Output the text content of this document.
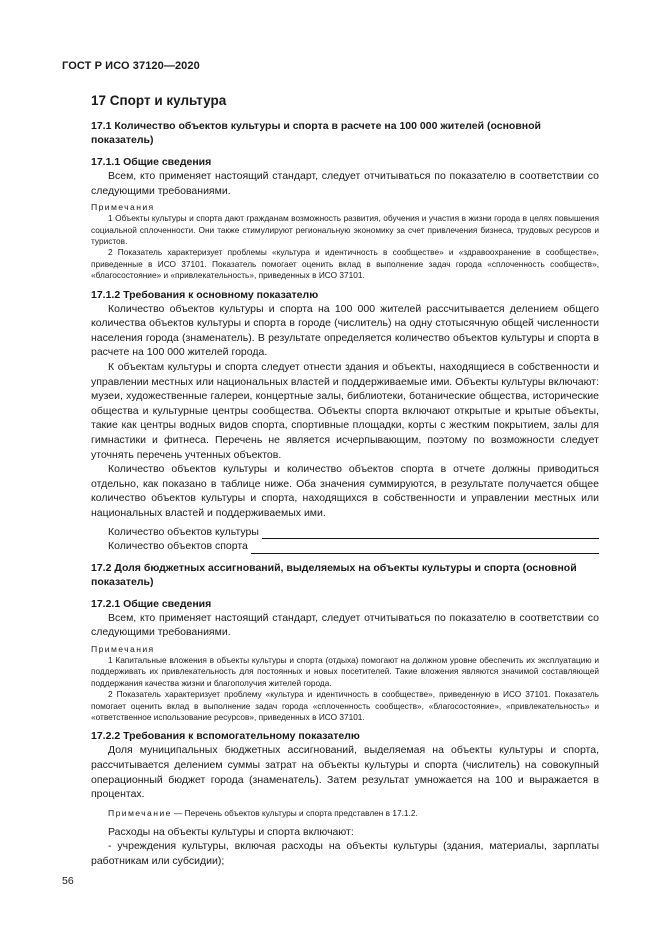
ГОСТ Р ИСО 37120—2020
17 Спорт и культура
17.1 Количество объектов культуры и спорта в расчете на 100 000 жителей (основной показатель)
17.1.1 Общие сведения

Всем, кто применяет настоящий стандарт, следует отчитываться по показателю в соответствии со следующими требованиями.

Примечания

1 Объекты культуры и спорта дают гражданам возможность развития, обучения и участия в жизни города в целях повышения социальной сплоченности. Они также стимулируют региональную экономику за счет привлечения бизнеса, трудовых ресурсов и туристов.

2 Показатель характеризует проблемы «культура и идентичность в сообществе» и «здравоохранение в сообществе», приведенные в ИСО 37101. Показатель помогает оценить вклад в выполнение задач города «сплоченность сообществ», «благосостояние» и «привлекательность», приведенных в ИСО 37101.

17.1.2 Требования к основному показателю

Количество объектов культуры и спорта на 100 000 жителей рассчитывается делением общего количества объектов культуры и спорта в городе (числитель) на одну стотысячную общей численности населения города (знаменатель). В результате определяется количество объектов культуры и спорта в расчете на 100 000 жителей города.

К объектам культуры и спорта следует отнести здания и объекты, находящиеся в собственности и управлении местных или национальных властей и поддерживаемые ими. Объекты культуры включают: музеи, художественные галереи, концертные залы, библиотеки, ботанические общества, исторические общества и культурные центры сообщества. Объекты спорта включают открытые и крытые объекты, такие как центры водных видов спорта, спортивные площадки, корты с жестким покрытием, залы для гимнастики и фитнеса. Перечень не является исчерпывающим, поэтому по возможности следует уточнять перечень учтенных объектов.

Количество объектов культуры и количество объектов спорта в отчете должны приводиться отдельно, как показано в таблице ниже. Оба значения суммируются, в результате получается общее количество объектов культуры и спорта, находящихся в собственности и управлении местных или национальных властей и поддерживаемых ими.

Количество объектов культуры
Количество объектов спорта
17.2 Доля бюджетных ассигнований, выделяемых на объекты культуры и спорта (основной показатель)
17.2.1 Общие сведения

Всем, кто применяет настоящий стандарт, следует отчитываться по показателю в соответствии со следующими требованиями.

Примечания

1 Капитальные вложения в объекты культуры и спорта (отдыха) помогают на должном уровне обеспечить их эксплуатацию и поддерживать их привлекательность для постоянных и новых посетителей. Такие вложения являются значимой составляющей поддержания качества жизни и благополучия жителей города.

2 Показатель характеризует проблему «культура и идентичность в сообществе», приведенную в ИСО 37101. Показатель помогает оценить вклад в выполнение задач города «сплоченность сообществ», «благосостояние», «привлекательность» и «ответственное использование ресурсов», приведенных в ИСО 37101.

17.2.2 Требования к вспомогательному показателю

Доля муниципальных бюджетных ассигнований, выделяемая на объекты культуры и спорта, рассчитывается делением суммы затрат на объекты культуры и спорта (числитель) на совокупный операционный бюджет города (знаменатель). Затем результат умножается на 100 и выражается в процентах.

Примечание — Перечень объектов культуры и спорта представлен в 17.1.2.

Расходы на объекты культуры и спорта включают:

- учреждения культуры, включая расходы на объекты культуры (здания, материалы, зарплаты работникам или субсидии);

56
